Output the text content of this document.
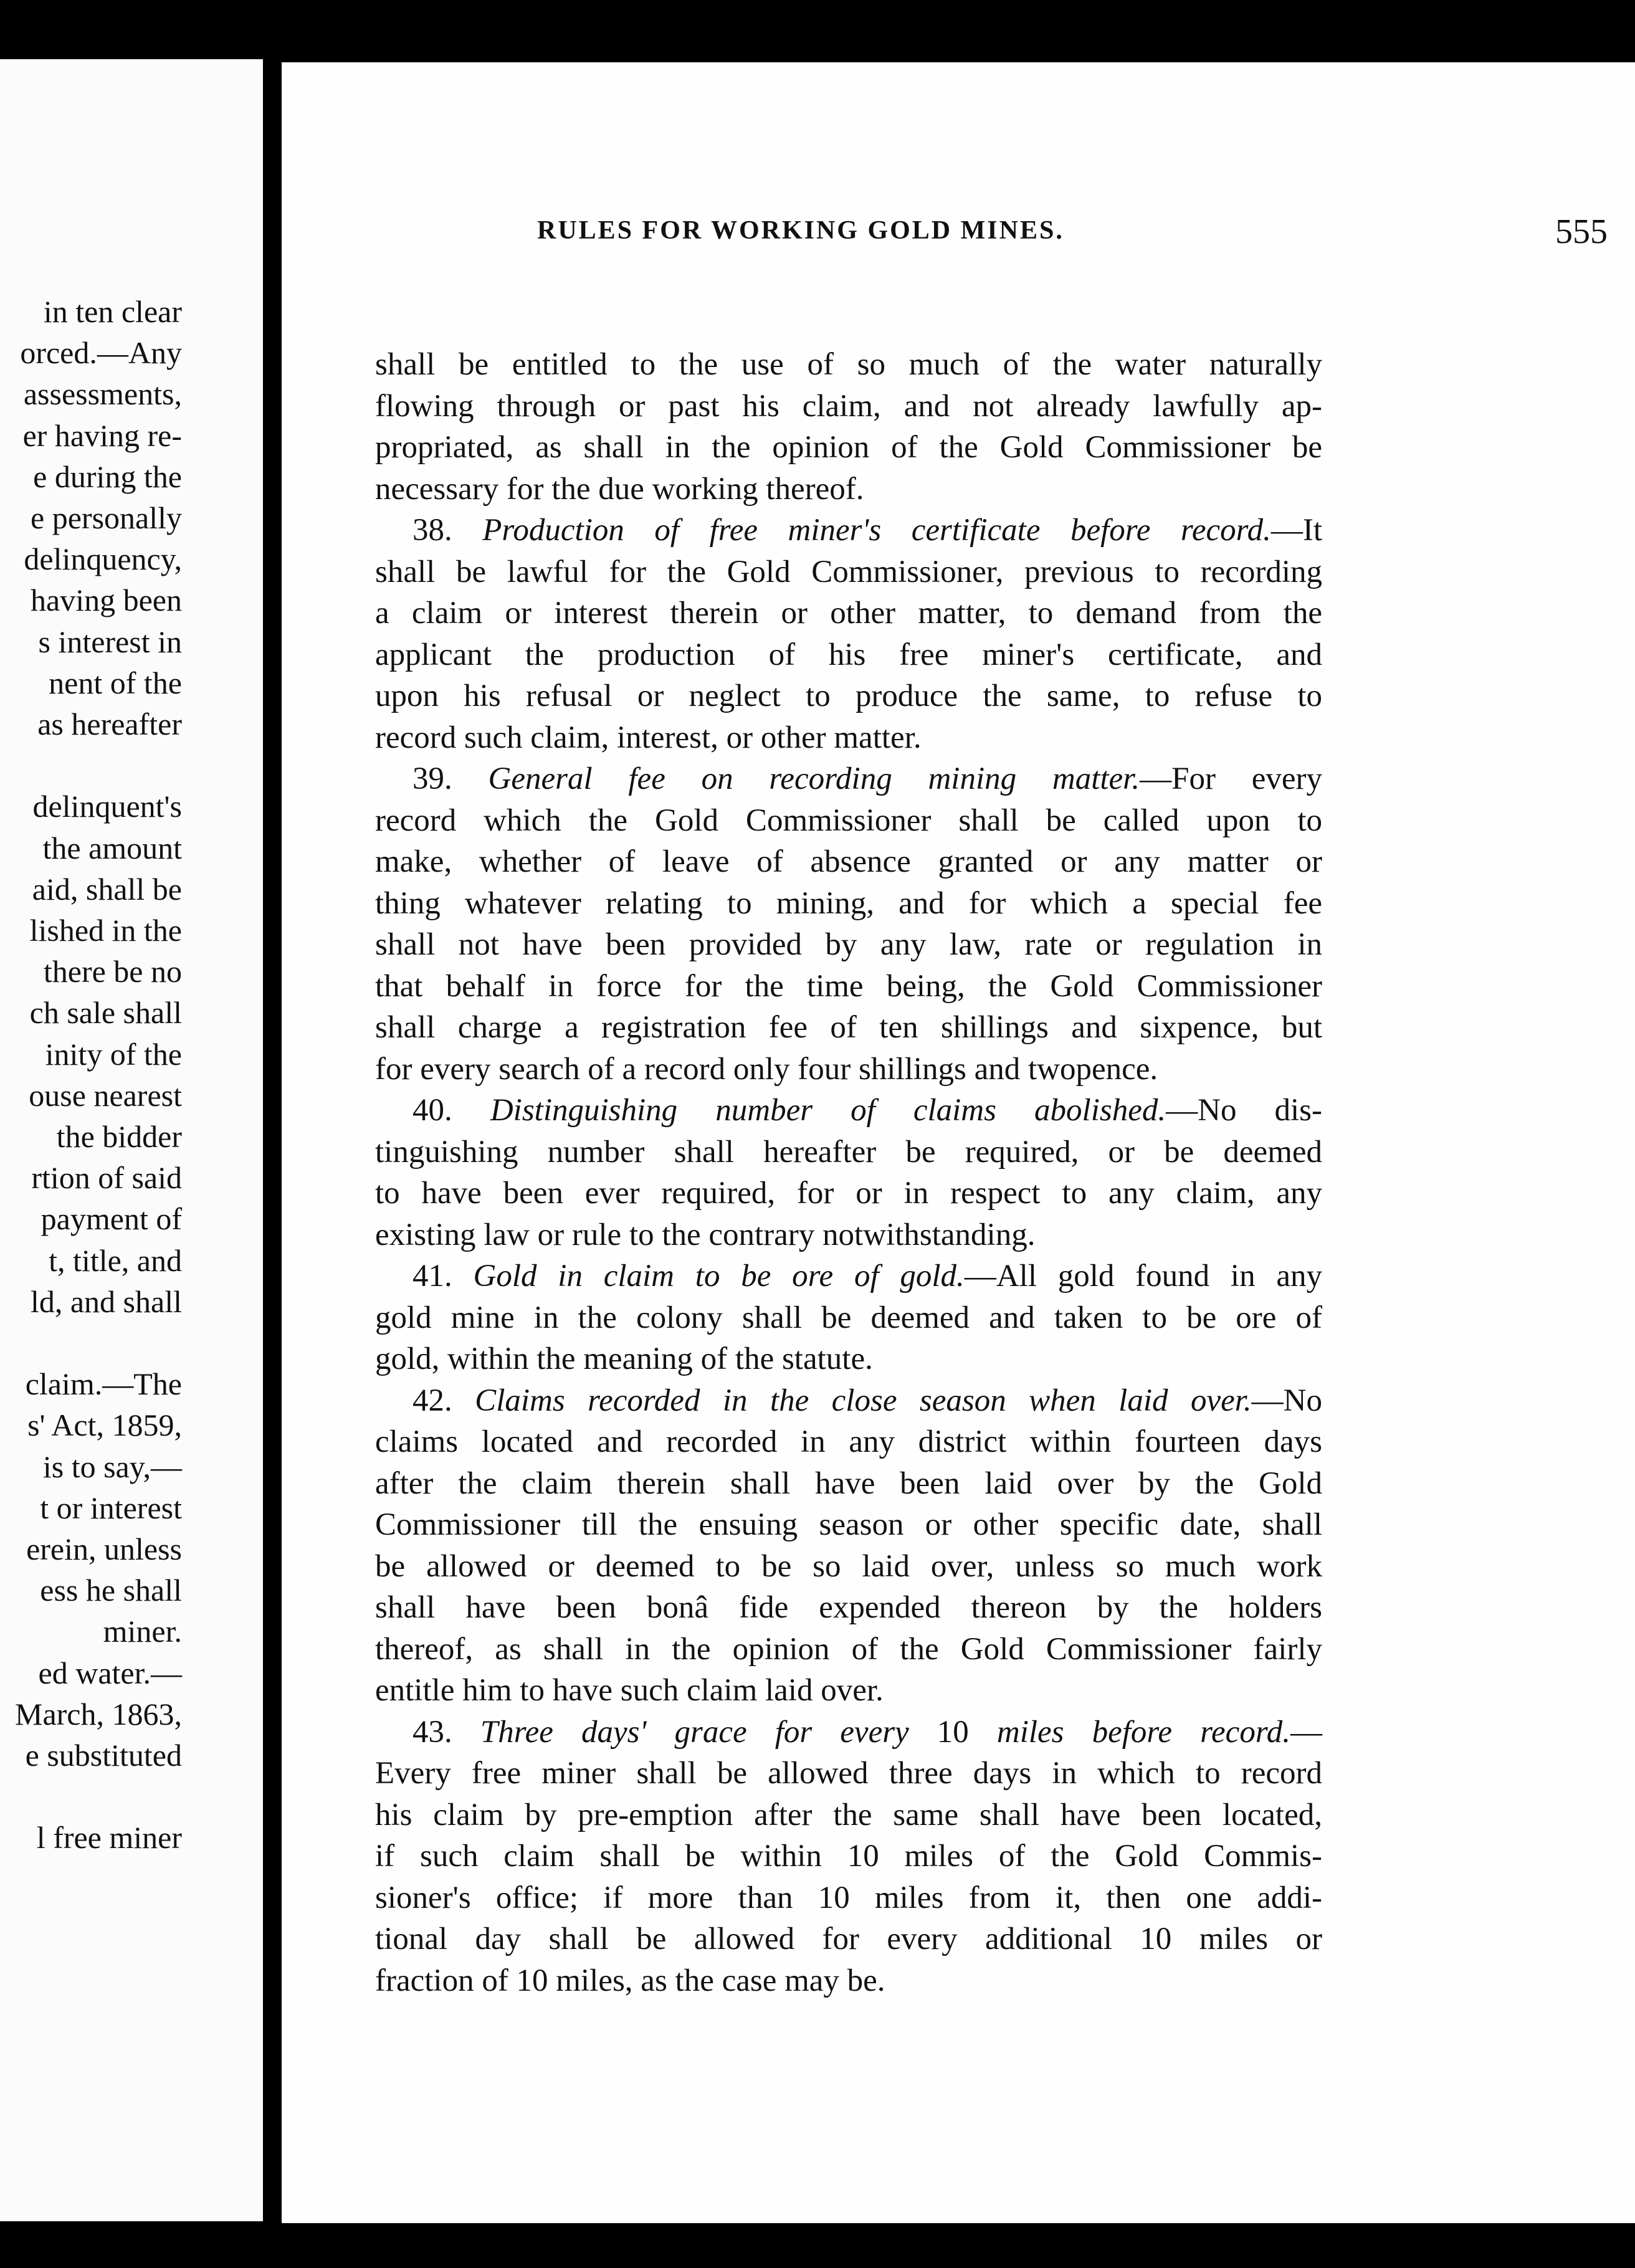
in ten clear
orced.—Any
assessments,
er having re-
e during the
e personally
delinquency,
having been
s interest in
nent of the
as hereafter
delinquent's
the amount
aid, shall be
lished in the
there be no
ch sale shall
inity of the
ouse nearest
the bidder
rtion of said
payment of
t, title, and
ld, and shall
claim.—The
s' Act, 1859,
is to say,—
t or interest
erein, unless
ess he shall
miner.
ed water.—
March, 1863,
e substituted
l free miner
RULES FOR WORKING GOLD MINES.	555
shall be entitled to the use of so much of the water naturally
flowing through or past his claim, and not already lawfully ap-
propriated, as shall in the opinion of the Gold Commissioner be
necessary for the due working thereof.
38. Production of free miner's certificate before record.—It
shall be lawful for the Gold Commissioner, previous to recording
a claim or interest therein or other matter, to demand from the
applicant the production of his free miner's certificate, and
upon his refusal or neglect to produce the same, to refuse to
record such claim, interest, or other matter.
39. General fee on recording mining matter.—For every
record which the Gold Commissioner shall be called upon to
make, whether of leave of absence granted or any matter or
thing whatever relating to mining, and for which a special fee
shall not have been provided by any law, rate or regulation in
that behalf in force for the time being, the Gold Commissioner
shall charge a registration fee of ten shillings and sixpence, but
for every search of a record only four shillings and twopence.
40. Distinguishing number of claims abolished.—No dis-
tinguishing number shall hereafter be required, or be deemed
to have been ever required, for or in respect to any claim, any
existing law or rule to the contrary notwithstanding.
41. Gold in claim to be ore of gold.—All gold found in any
gold mine in the colony shall be deemed and taken to be ore of
gold, within the meaning of the statute.
42. Claims recorded in the close season when laid over.—No
claims located and recorded in any district within fourteen days
after the claim therein shall have been laid over by the Gold
Commissioner till the ensuing season or other specific date, shall
be allowed or deemed to be so laid over, unless so much work
shall have been bonâ fide expended thereon by the holders
thereof, as shall in the opinion of the Gold Commissioner fairly
entitle him to have such claim laid over.
43. Three days' grace for every 10 miles before record.—
Every free miner shall be allowed three days in which to record
his claim by pre-emption after the same shall have been located,
if such claim shall be within 10 miles of the Gold Commis-
sioner's office; if more than 10 miles from it, then one addi-
tional day shall be allowed for every additional 10 miles or
fraction of 10 miles, as the case may be.
